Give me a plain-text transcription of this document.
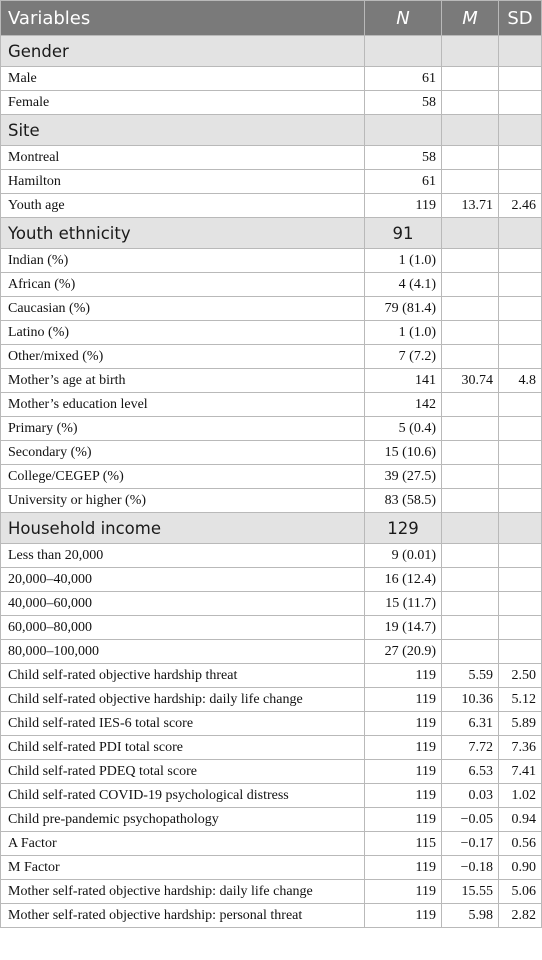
Variables	N	M	SD
Gender			
Male	61		
Female	58		
Site			
Montreal	58		
Hamilton	61		
Youth age	119	13.71	2.46
Youth ethnicity	91		
Indian (%)	1 (1.0)		
African (%)	4 (4.1)		
Caucasian (%)	79 (81.4)		
Latino (%)	1 (1.0)		
Other/mixed (%)	7 (7.2)		
Mother’s age at birth	141	30.74	4.8
Mother’s education level	142		
Primary (%)	5 (0.4)		
Secondary (%)	15 (10.6)		
College/CEGEP (%)	39 (27.5)		
University or higher (%)	83 (58.5)		
Household income	129		
Less than 20,000	9 (0.01)		
20,000–40,000	16 (12.4)		
40,000–60,000	15 (11.7)		
60,000–80,000	19 (14.7)		
80,000–100,000	27 (20.9)		
Child self-rated objective hardship threat	119	5.59	2.50
Child self-rated objective hardship: daily life change	119	10.36	5.12
Child self-rated IES-6 total score	119	6.31	5.89
Child self-rated PDI total score	119	7.72	7.36
Child self-rated PDEQ total score	119	6.53	7.41
Child self-rated COVID-19 psychological distress	119	0.03	1.02
Child pre-pandemic psychopathology	119	−0.05	0.94
A Factor	115	−0.17	0.56
M Factor	119	−0.18	0.90
Mother self-rated objective hardship: daily life change	119	15.55	5.06
Mother self-rated objective hardship: personal threat	119	5.98	2.82
